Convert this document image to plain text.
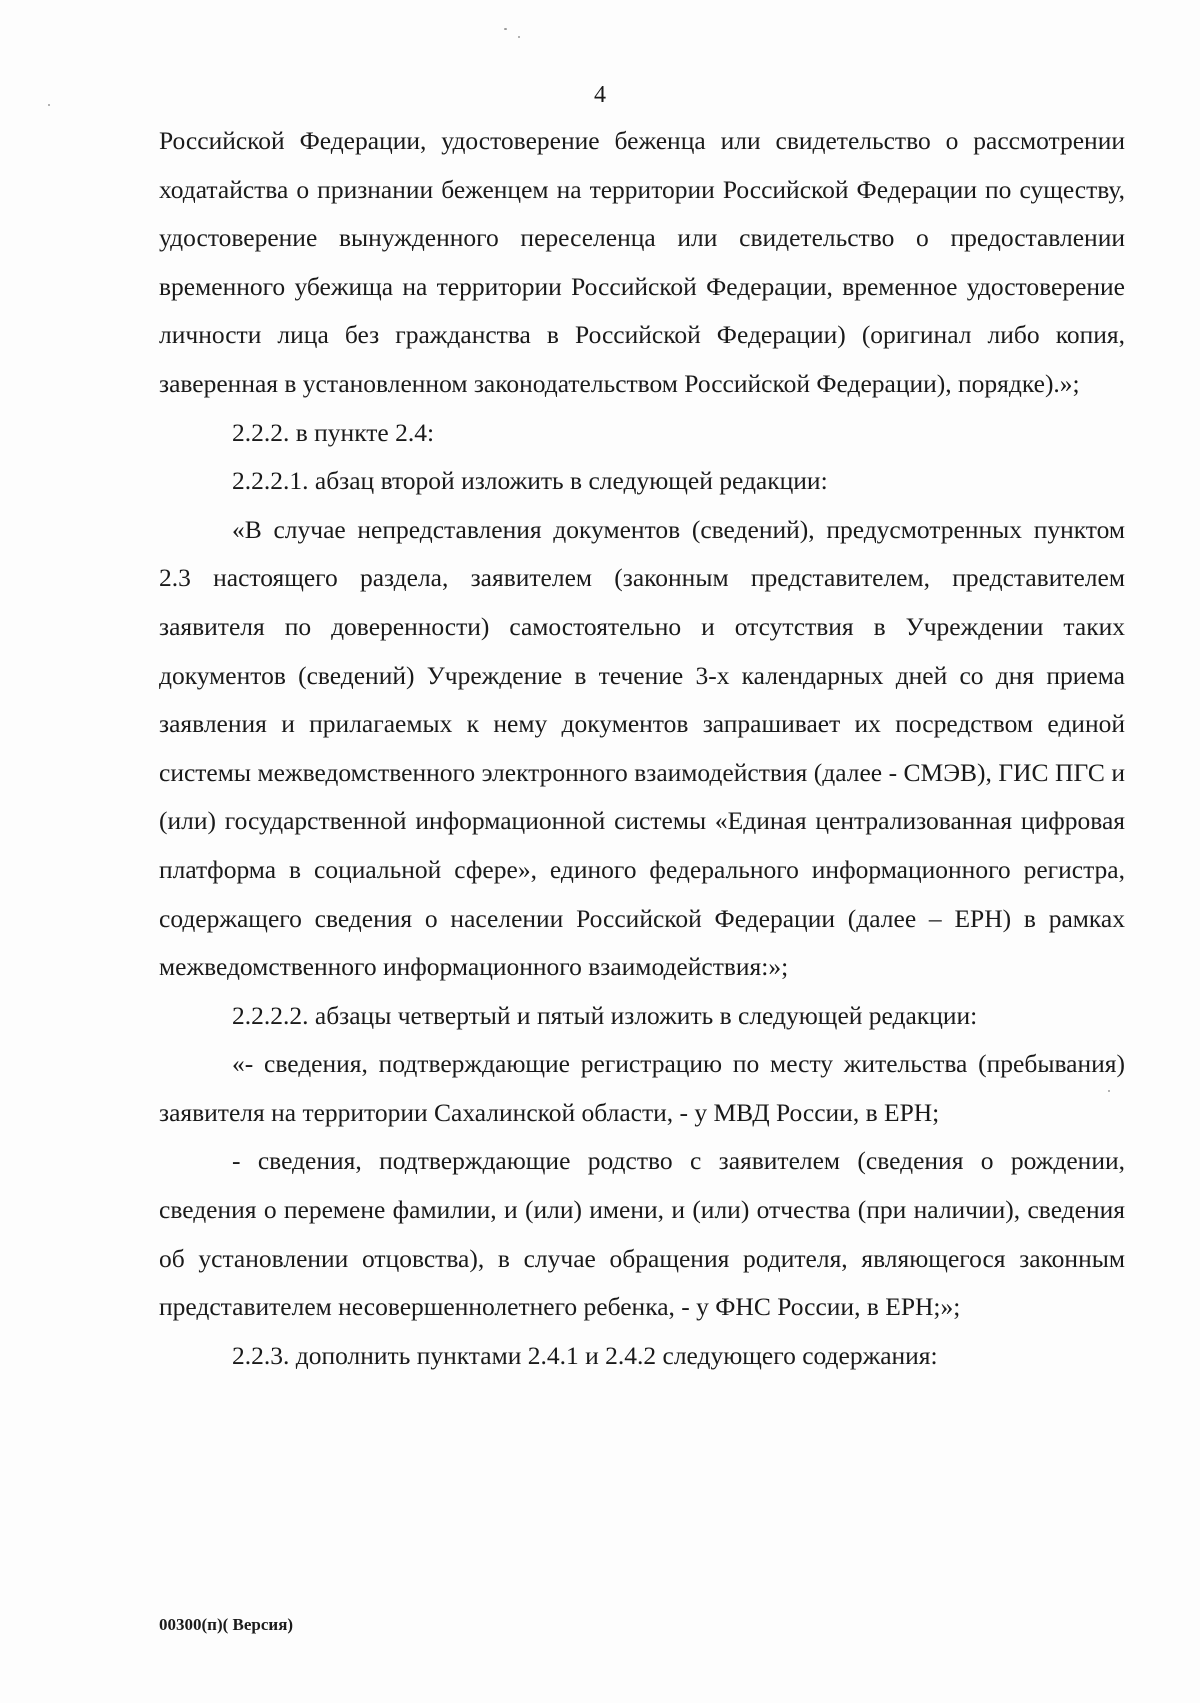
4

Российской Федерации, удостоверение беженца или свидетельство о рассмотрении ходатайства о признании беженцем на территории Российской Федерации по существу, удостоверение вынужденного переселенца или свидетельство о предоставлении временного убежища на территории Российской Федерации, временное удостоверение личности лица без гражданства в Российской Федерации) (оригинал либо копия, заверенная в установленном законодательством Российской Федерации), порядке).»;

2.2.2. в пункте 2.4:

2.2.2.1. абзац второй изложить в следующей редакции:

«В случае непредставления документов (сведений), предусмотренных пунктом 2.3 настоящего раздела, заявителем (законным представителем, представителем заявителя по доверенности) самостоятельно и отсутствия в Учреждении таких документов (сведений) Учреждение в течение 3-х календарных дней со дня приема заявления и прилагаемых к нему документов запрашивает их посредством единой системы межведомственного электронного взаимодействия (далее - СМЭВ), ГИС ПГС и (или) государственной информационной системы «Единая централизованная цифровая платформа в социальной сфере», единого федерального информационного регистра, содержащего сведения о населении Российской Федерации (далее – ЕРН) в рамках межведомственного информационного взаимодействия:»;

2.2.2.2. абзацы четвертый и пятый изложить в следующей редакции:

«- сведения, подтверждающие регистрацию по месту жительства (пребывания) заявителя на территории Сахалинской области, - у МВД России, в ЕРН;

- сведения, подтверждающие родство с заявителем (сведения о рождении, сведения о перемене фамилии, и (или) имени, и (или) отчества (при наличии), сведения об установлении отцовства), в случае обращения родителя, являющегося законным представителем несовершеннолетнего ребенка, - у ФНС России, в ЕРН;»;

2.2.3. дополнить пунктами 2.4.1 и 2.4.2 следующего содержания:

00300(п)( Версия)
